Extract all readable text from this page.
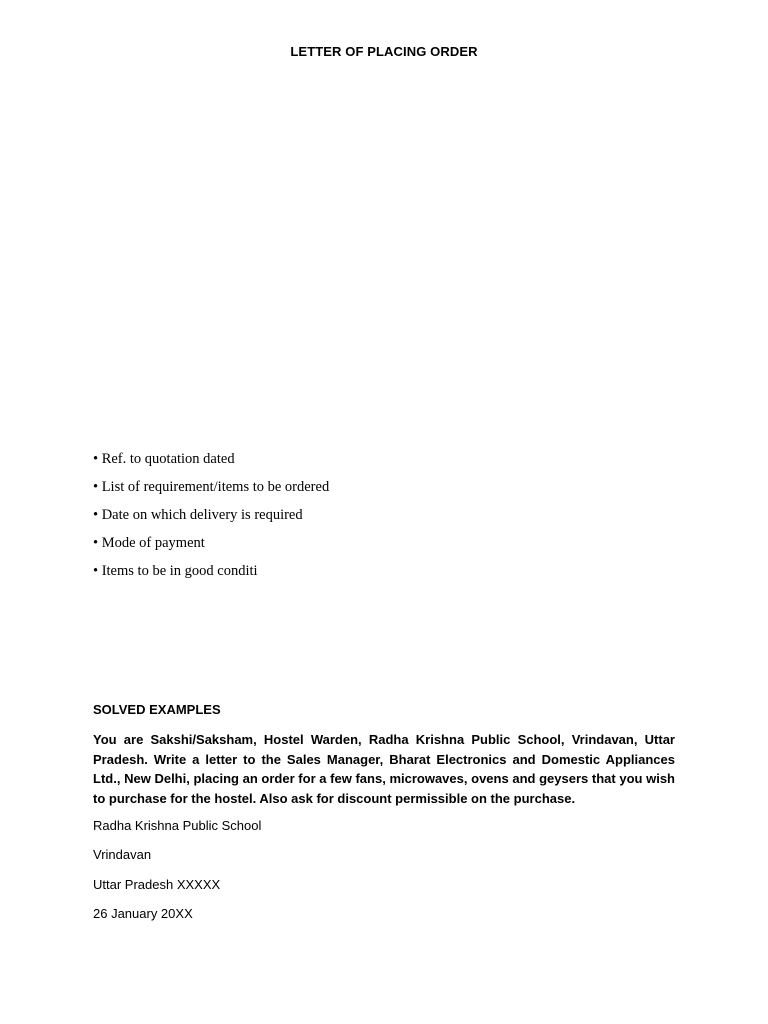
LETTER OF PLACING ORDER
• Ref. to quotation dated
• List of requirement/items to be ordered
• Date on which delivery is required
• Mode of payment
• Items to be in good conditi
SOLVED EXAMPLES

You are Sakshi/Saksham, Hostel Warden, Radha Krishna Public School, Vrindavan, Uttar Pradesh. Write a letter to the Sales Manager, Bharat Electronics and Domestic Appliances Ltd., New Delhi, placing an order for a few fans, microwaves, ovens and geysers that you wish to purchase for the hostel. Also ask for discount permissible on the purchase.

Radha Krishna Public School
Vrindavan
Uttar Pradesh XXXXX
26 January 20XX
